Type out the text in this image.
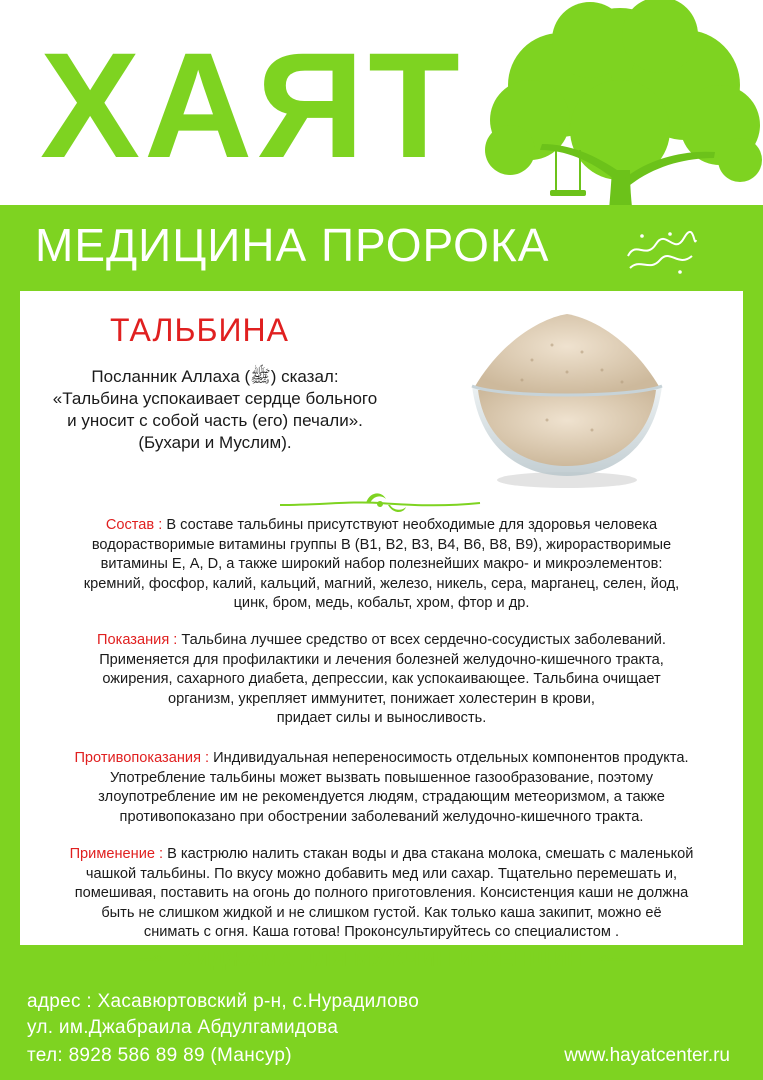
ХАЯТ
МЕДИЦИНА ПРОРОКА
ТАЛЬБИНА

Посланник Аллаха (ﷺ) сказал:

«Тальбина успокаивает сердце больного

и уносит с собой часть (его) печали».

(Бухари и Муслим).

Состав : В составе тальбины присутствуют необходимые для здоровья человека

водорастворимые витамины группы В (В1, В2, В3, В4, В6, В8, В9), жирорастворимые

витамины Е, А, D, а также широкий набор полезнейших макро- и микроэлементов:

кремний, фосфор, калий, кальций, магний, железо, никель, сера, марганец, селен, йод,

цинк, бром, медь, кобальт, хром, фтор и др.

Показания : Тальбина лучшее средство от всех сердечно-сосудистых заболеваний.

Применяется для профилактики и лечения болезней желудочно-кишечного тракта,

ожирения, сахарного диабета, депрессии, как успокаивающее. Тальбина очищает

организм, укрепляет иммунитет, понижает холестерин в крови,

придает силы и выносливость.

Противопоказания : Индивидуальная непереносимость отдельных компонентов продукта.

Употребление тальбины может вызвать повышенное газообразование, поэтому

злоупотребление им не рекомендуется людям, страдающим метеоризмом, а также

противопоказано при обострении заболеваний желудочно-кишечного тракта.

Применение : В кастрюлю налить стакан воды и два стакана молока, смешать с маленькой

чашкой тальбины. По вкусу можно добавить мед или сахар. Тщательно перемешать и,

помешивая, поставить на огонь до полного приготовления. Консистенция каши не должна

быть не слишком жидкой и не слишком густой. Как только каша закипит, можно её

снимать с огня. Каша готова! Проконсультируйтесь со специалистом .

ХИДЖАМА ДЛЯ МУЖЧИН И ЖЕНЩИН
адрес : Хасавюртовский р-н, с.Нурадилово
ул. им.Джабраила Абдулгамидова
тел: 8928 586 89 89 (Мансур)	www.hayatcenter.ru
